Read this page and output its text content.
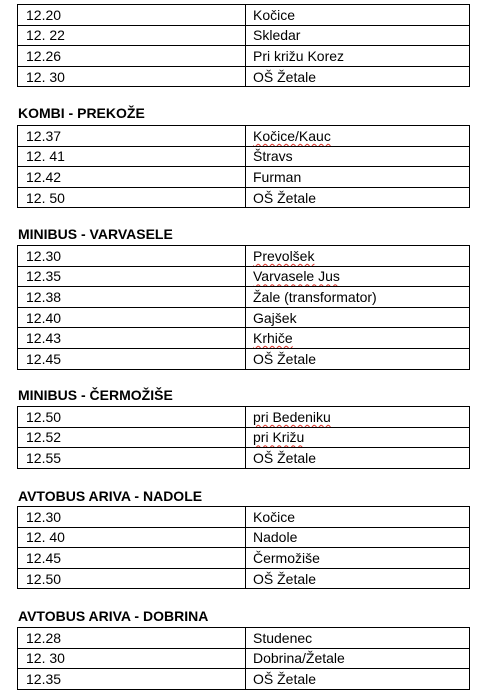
12.20	Kočice
12. 22	Skledar
12.26	Pri križu Korez
12. 30	OŠ Žetale
KOMBI - PREKOŽE
12.37	Kočice/Kauc
12. 41	Štravs
12.42	Furman
12. 50	OŠ Žetale
MINIBUS - VARVASELE
12.30	Prevolšek
12.35	Varvasele Jus
12.38	Žale (transformator)
12.40	Gajšek
12.43	Krhiče
12.45	OŠ Žetale
MINIBUS - ČERMOŽIŠE
12.50	pri Bedeniku
12.52	pri Križu
12.55	OŠ Žetale
AVTOBUS ARIVA - NADOLE
12.30	Kočice
12. 40	Nadole
12.45	Čermožiše
12.50	OŠ Žetale
AVTOBUS ARIVA - DOBRINA
12.28	Studenec
12. 30	Dobrina/Žetale
12.35	OŠ Žetale
